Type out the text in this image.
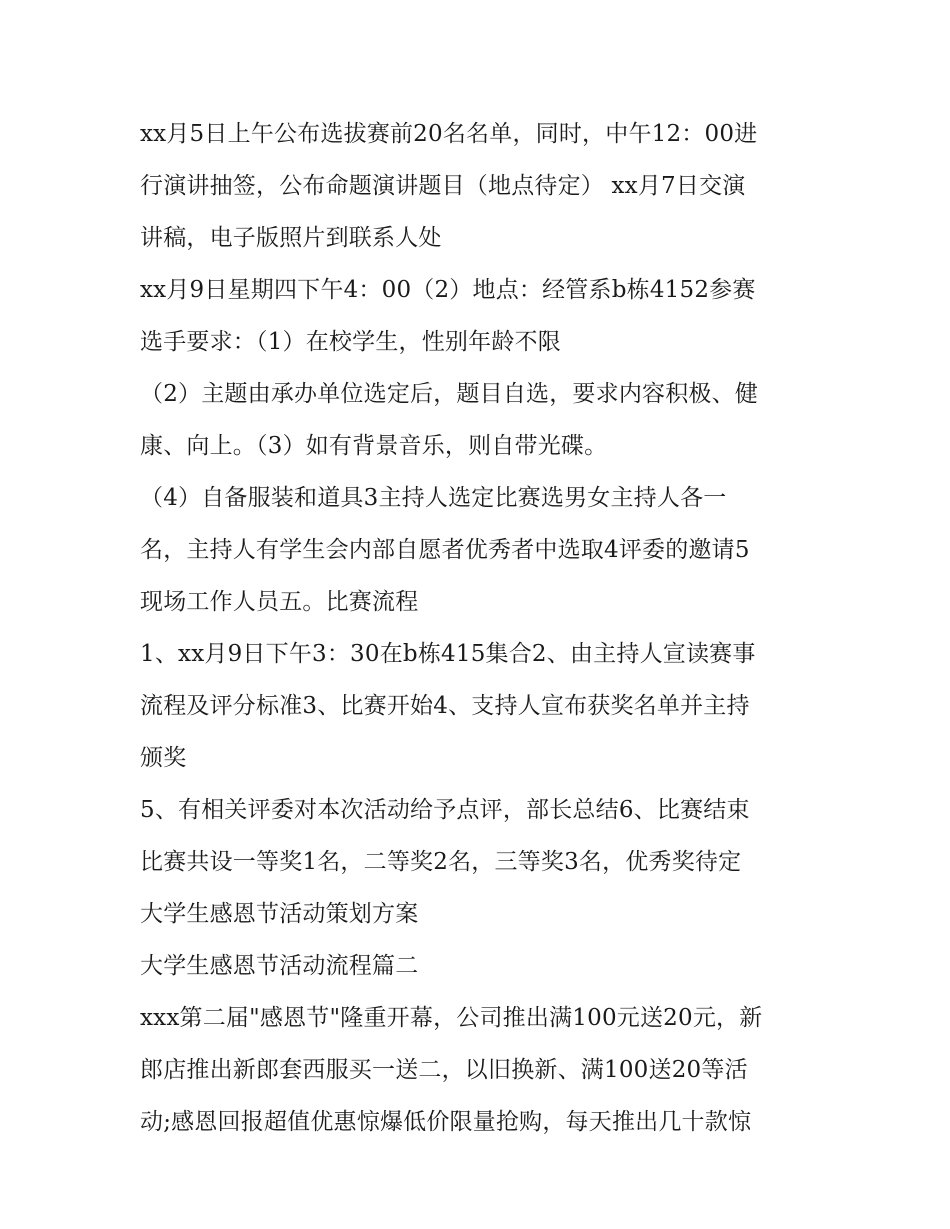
xx月5日上午公布选拔赛前20名名单，同时，中午12：00进
行演讲抽签，公布命题演讲题目（地点待定） xx月7日交演
讲稿，电子版照片到联系人处
xx月9日星期四下午4：00（2）地点：经管系b栋4152参赛
选手要求：（1）在校学生，性别年龄不限
（2）主题由承办单位选定后，题目自选，要求内容积极、健
康、向上。（3）如有背景音乐，则自带光碟。
（4）自备服装和道具3主持人选定比赛选男女主持人各一
名，主持人有学生会内部自愿者优秀者中选取4评委的邀请5
现场工作人员五。比赛流程
1、xx月9日下午3：30在b栋415集合2、由主持人宣读赛事
流程及评分标准3、比赛开始4、支持人宣布获奖名单并主持
颁奖
5、有相关评委对本次活动给予点评，部长总结6、比赛结束
比赛共设一等奖1名，二等奖2名，三等奖3名，优秀奖待定
大学生感恩节活动策划方案
大学生感恩节活动流程篇二
xxx第二届"感恩节"隆重开幕，公司推出满100元送20元，新
郎店推出新郎套西服买一送二，以旧换新、满100送20等活
动;感恩回报超值优惠惊爆低价限量抢购，每天推出几十款惊
